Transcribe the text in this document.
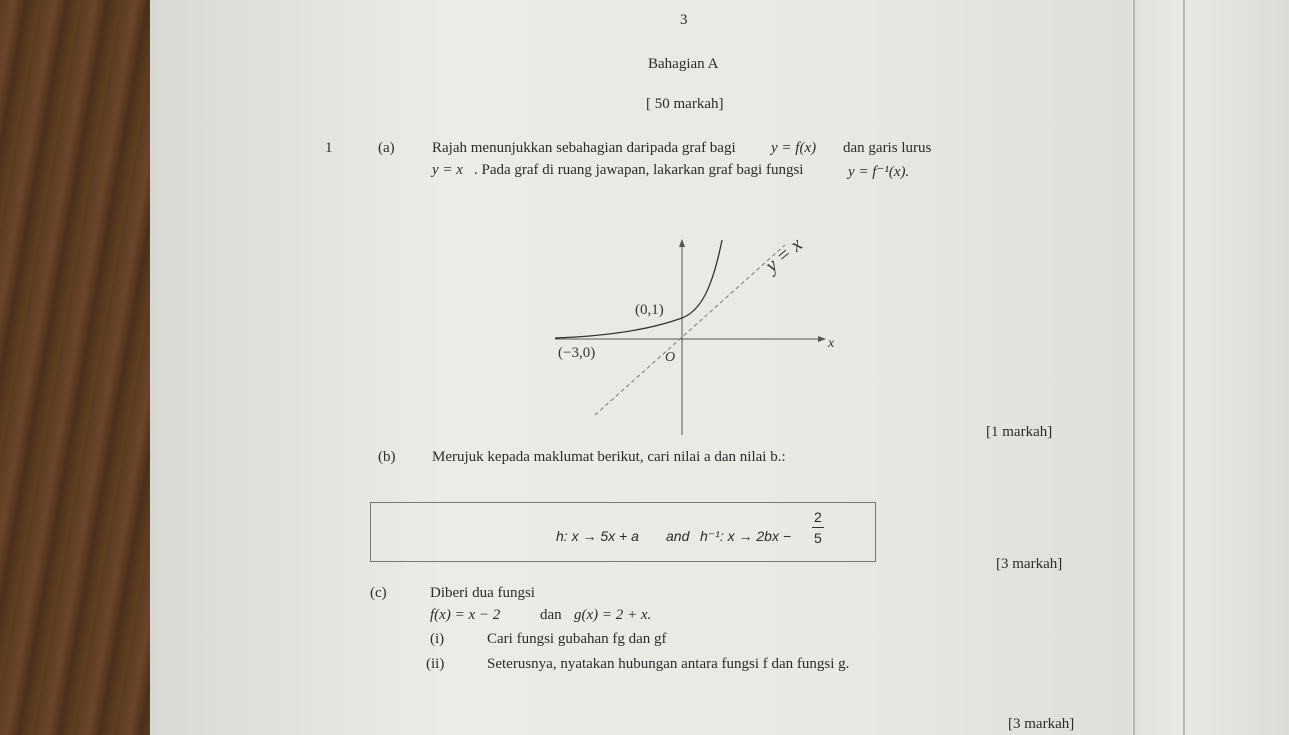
3
Bahagian A
[ 50 markah]
1	(a) Rajah menunjukkan sebahagian daripada graf bagi y = f(x) dan garis lurus
y = x . Pada graf di ruang jawapan, lakarkan graf bagi fungsi	y = f⁻¹(x).
y = x
(0,1)
(−3,0)	O
x
[1 markah]
(b) Merujuk kepada maklumat berikut, cari nilai a dan nilai b.:
h: x → 5x + a and h⁻¹: x → 2bx −
2
5
[3 markah]
(c)	Diberi dua fungsi
f(x) = x − 2	dan g(x) = 2 + x.
(i)	Cari fungsi gubahan fg dan gf
(ii)	Seterusnya, nyatakan hubungan antara fungsi f dan fungsi g.
[3 markah]
